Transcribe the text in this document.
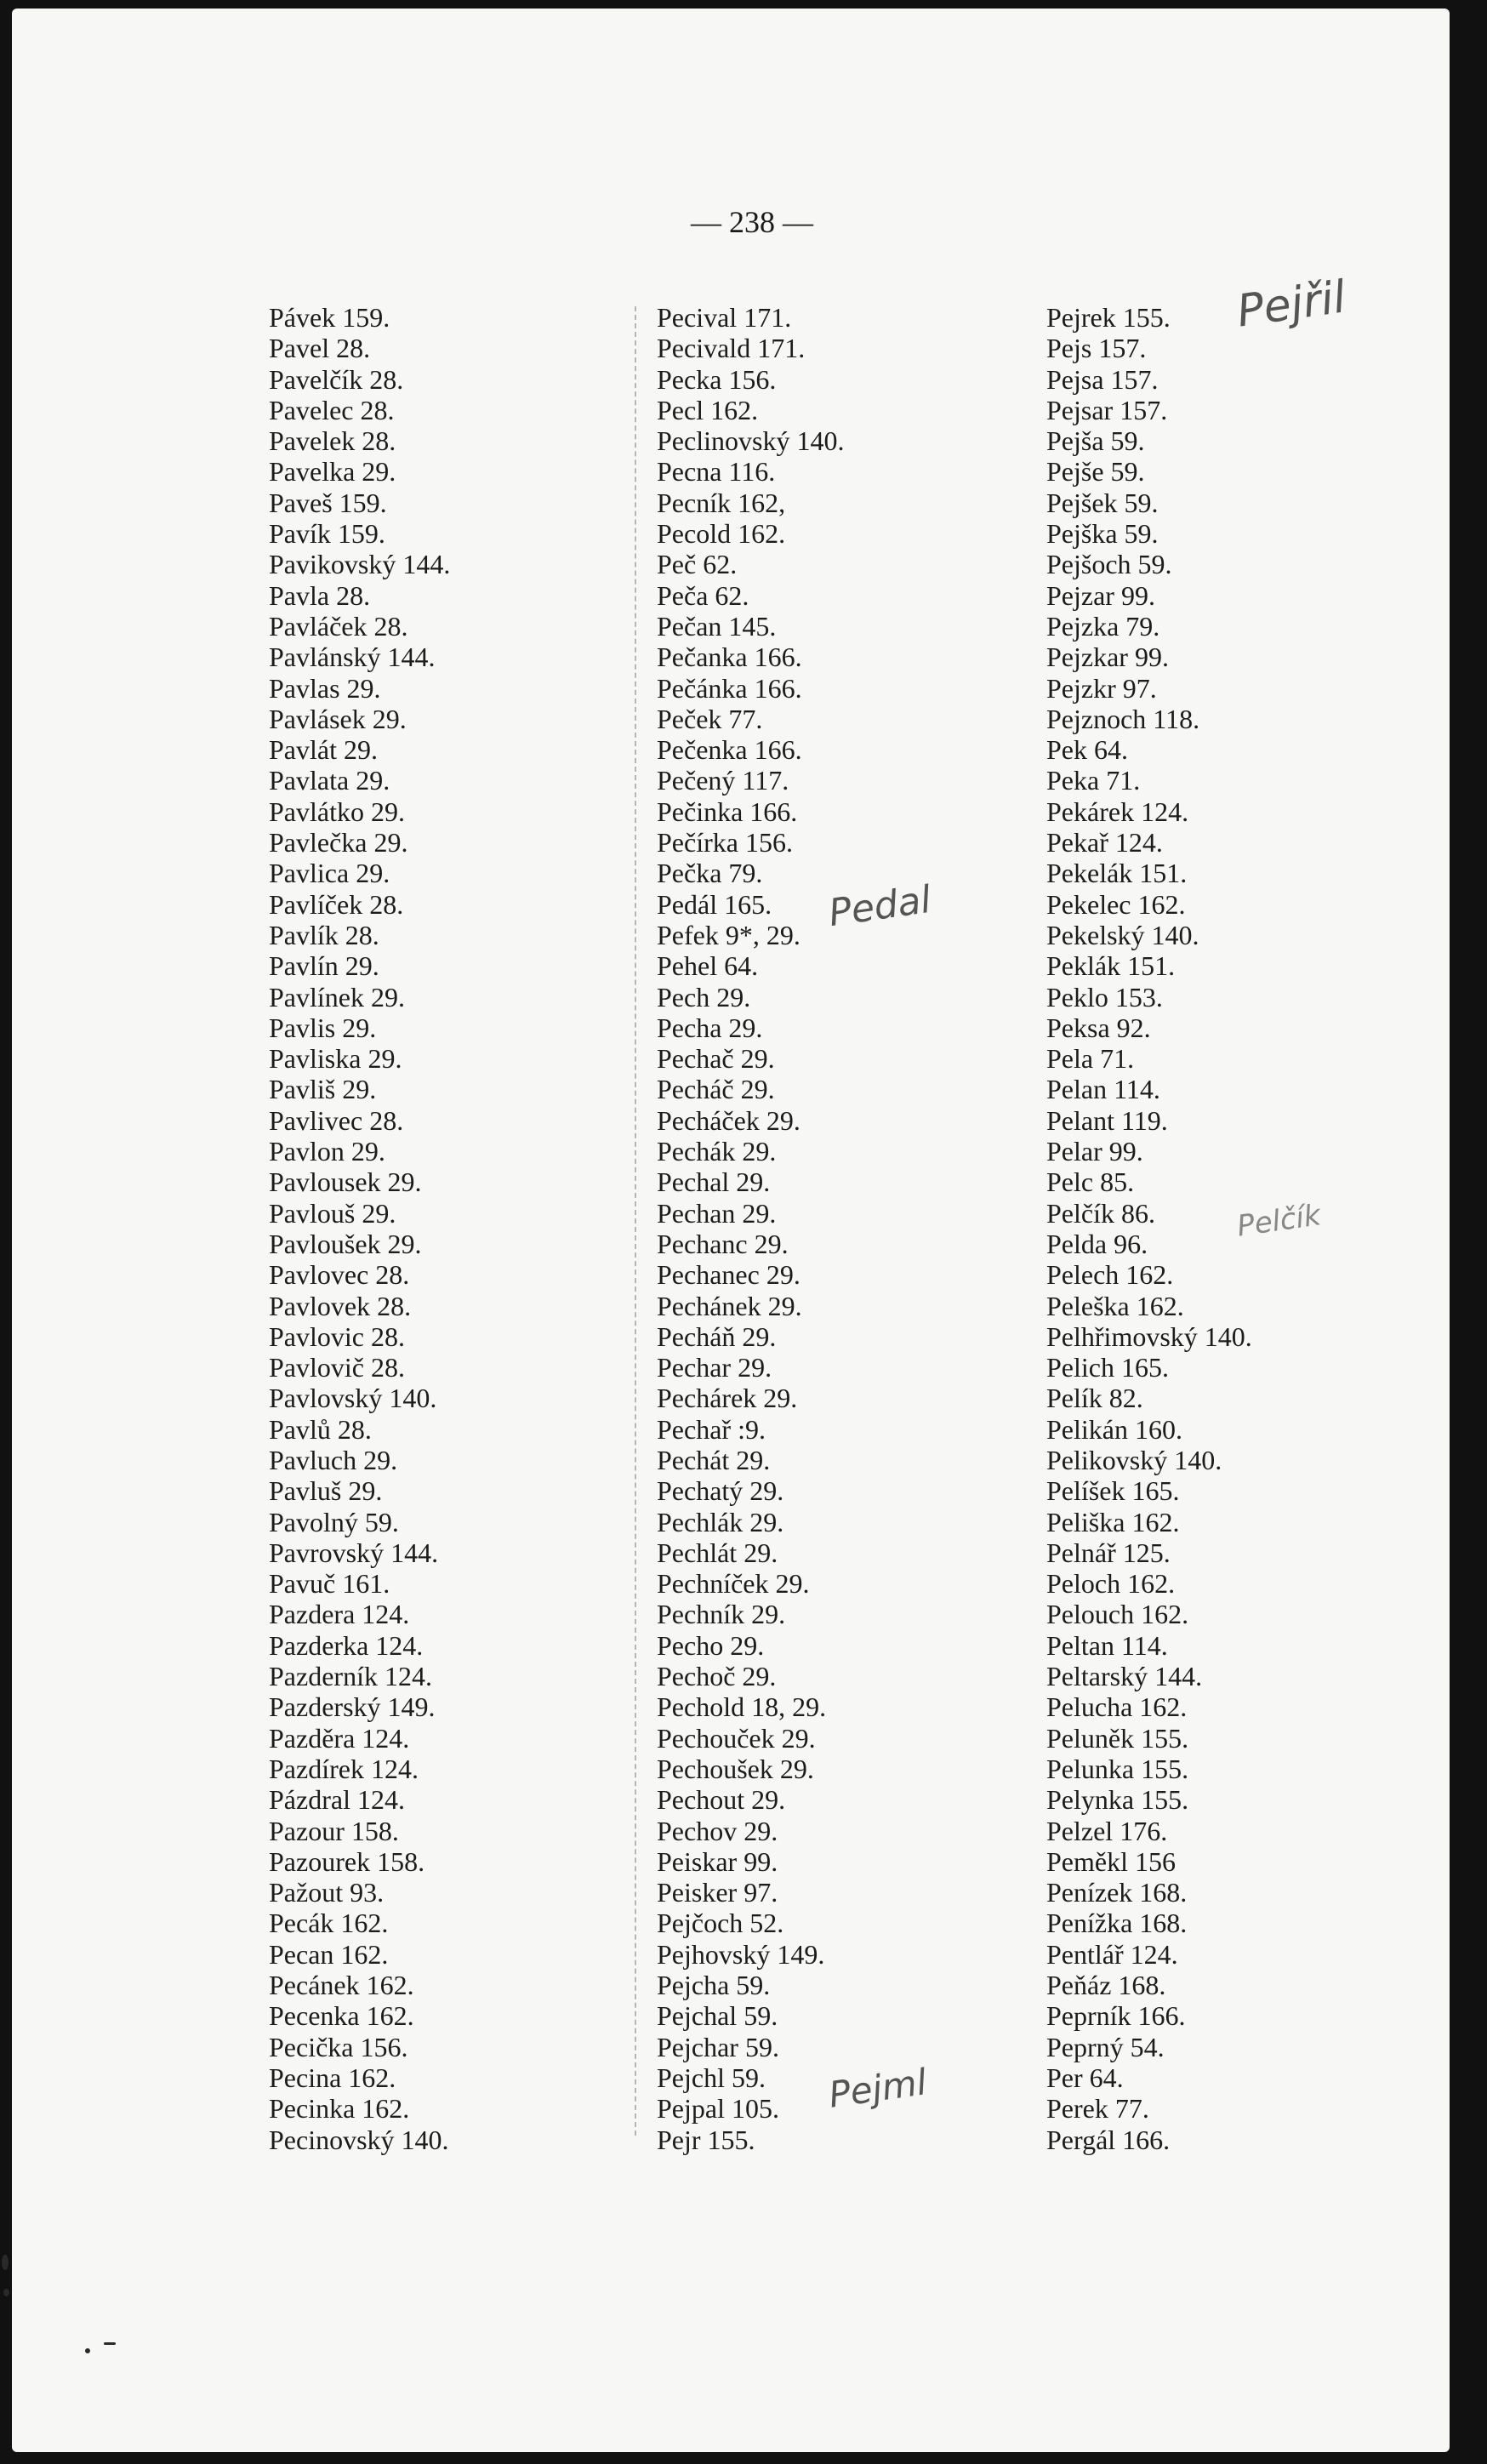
— 238 —
Pávek 159.
Pavel 28.
Pavelčík 28.
Pavelec 28.
Pavelek 28.
Pavelka 29.
Paveš 159.
Pavík 159.
Pavikovský 144.
Pavla 28.
Pavláček 28.
Pavlánský 144.
Pavlas 29.
Pavlásek 29.
Pavlát 29.
Pavlata 29.
Pavlátko 29.
Pavlečka 29.
Pavlica 29.
Pavlíček 28.
Pavlík 28.
Pavlín 29.
Pavlínek 29.
Pavlis 29.
Pavliska 29.
Pavliš 29.
Pavlivec 28.
Pavlon 29.
Pavlousek 29.
Pavlouš 29.
Pavloušek 29.
Pavlovec 28.
Pavlovek 28.
Pavlovic 28.
Pavlovič 28.
Pavlovský 140.
Pavlů 28.
Pavluch 29.
Pavluš 29.
Pavolný 59.
Pavrovský 144.
Pavuč 161.
Pazdera 124.
Pazderka 124.
Pazderník 124.
Pazderský 149.
Pazděra 124.
Pazdírek 124.
Pázdral 124.
Pazour 158.
Pazourek 158.
Pažout 93.
Pecák 162.
Pecan 162.
Pecánek 162.
Pecenka 162.
Pecička 156.
Pecina 162.
Pecinka 162.
Pecinovský 140.
Pecival 171.
Pecivald 171.
Pecka 156.
Pecl 162.
Peclinovský 140.
Pecna 116.
Pecník 162,
Pecold 162.
Peč 62.
Peča 62.
Pečan 145.
Pečanka 166.
Pečánka 166.
Peček 77.
Pečenka 166.
Pečený 117.
Pečinka 166.
Pečírka 156.
Pečka 79.
Pedál 165.
Pefek 9*, 29.
Pehel 64.
Pech 29.
Pecha 29.
Pechač 29.
Pecháč 29.
Pecháček 29.
Pechák 29.
Pechal 29.
Pechan 29.
Pechanc 29.
Pechanec 29.
Pechánek 29.
Pecháň 29.
Pechar 29.
Pechárek 29.
Pechař :9.
Pechát 29.
Pechatý 29.
Pechlák 29.
Pechlát 29.
Pechníček 29.
Pechník 29.
Pecho 29.
Pechoč 29.
Pechold 18, 29.
Pechouček 29.
Pechoušek 29.
Pechout 29.
Pechov 29.
Peiskar 99.
Peisker 97.
Pejčoch 52.
Pejhovský 149.
Pejcha 59.
Pejchal 59.
Pejchar 59.
Pejchl 59.
Pejpal 105.
Pejr 155.
Pejrek 155.
Pejs 157.
Pejsa 157.
Pejsar 157.
Pejša 59.
Pejše 59.
Pejšek 59.
Pejška 59.
Pejšoch 59.
Pejzar 99.
Pejzka 79.
Pejzkar 99.
Pejzkr 97.
Pejznoch 118.
Pek 64.
Peka 71.
Pekárek 124.
Pekař 124.
Pekelák 151.
Pekelec 162.
Pekelský 140.
Peklák 151.
Peklo 153.
Peksa 92.
Pela 71.
Pelan 114.
Pelant 119.
Pelar 99.
Pelc 85.
Pelčík 86.
Pelda 96.
Pelech 162.
Peleška 162.
Pelhřimovský 140.
Pelich 165.
Pelík 82.
Pelikán 160.
Pelikovský 140.
Pelíšek 165.
Peliška 162.
Pelnář 125.
Peloch 162.
Pelouch 162.
Peltan 114.
Peltarský 144.
Pelucha 162.
Peluněk 155.
Pelunka 155.
Pelynka 155.
Pelzel 176.
Peměkl 156
Penízek 168.
Penížka 168.
Pentlář 124.
Peňáz 168.
Peprník 166.
Peprný 54.
Per 64.
Perek 77.
Pergál 166.
Pejřil
Pedal
Pejml
Pelčík
